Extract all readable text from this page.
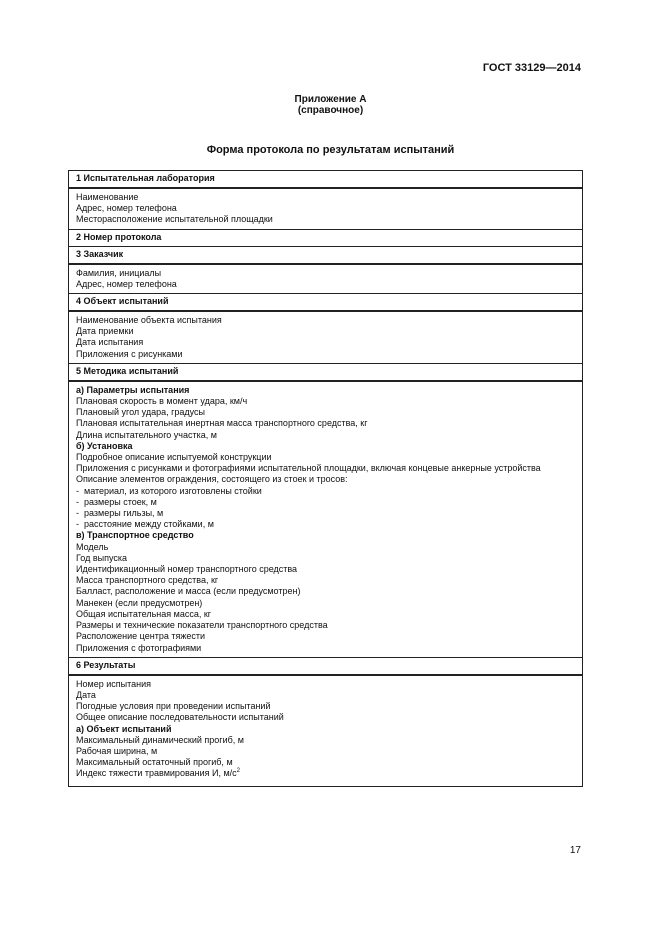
ГОСТ 33129—2014
Приложение А
(справочное)
Форма протокола по результатам испытаний
1 Испытательная лаборатория
Наименование
Адрес, номер телефона
Месторасположение испытательной площадки
2 Номер протокола
3 Заказчик
Фамилия, инициалы
Адрес, номер телефона
4 Объект испытаний
Наименование объекта испытания
Дата приемки
Дата испытания
Приложения с рисунками
5 Методика испытаний
а) Параметры испытания
Плановая скорость в момент удара, км/ч
Плановый угол удара, градусы
Плановая испытательная инертная масса транспортного средства, кг
Длина испытательного участка, м
б) Установка
Подробное описание испытуемой конструкции
Приложения с рисунками и фотографиями испытательной площадки, включая концевые анкерные устройства
Описание элементов ограждения, состоящего из стоек и тросов:
- материал, из которого изготовлены стойки
- размеры стоек, м
- размеры гильзы, м
- расстояние между стойками, м
в) Транспортное средство
Модель
Год выпуска
Идентификационный номер транспортного средства
Масса транспортного средства, кг
Балласт, расположение и масса (если предусмотрен)
Манекен (если предусмотрен)
Общая испытательная масса, кг
Размеры и технические показатели транспортного средства
Расположение центра тяжести
Приложения с фотографиями
6 Результаты
Номер испытания
Дата
Погодные условия при проведении испытаний
Общее описание последовательности испытаний
а) Объект испытаний
Максимальный динамический прогиб, м
Рабочая ширина, м
Максимальный остаточный прогиб, м
Индекс тяжести травмирования И, $м/с^2$
17
